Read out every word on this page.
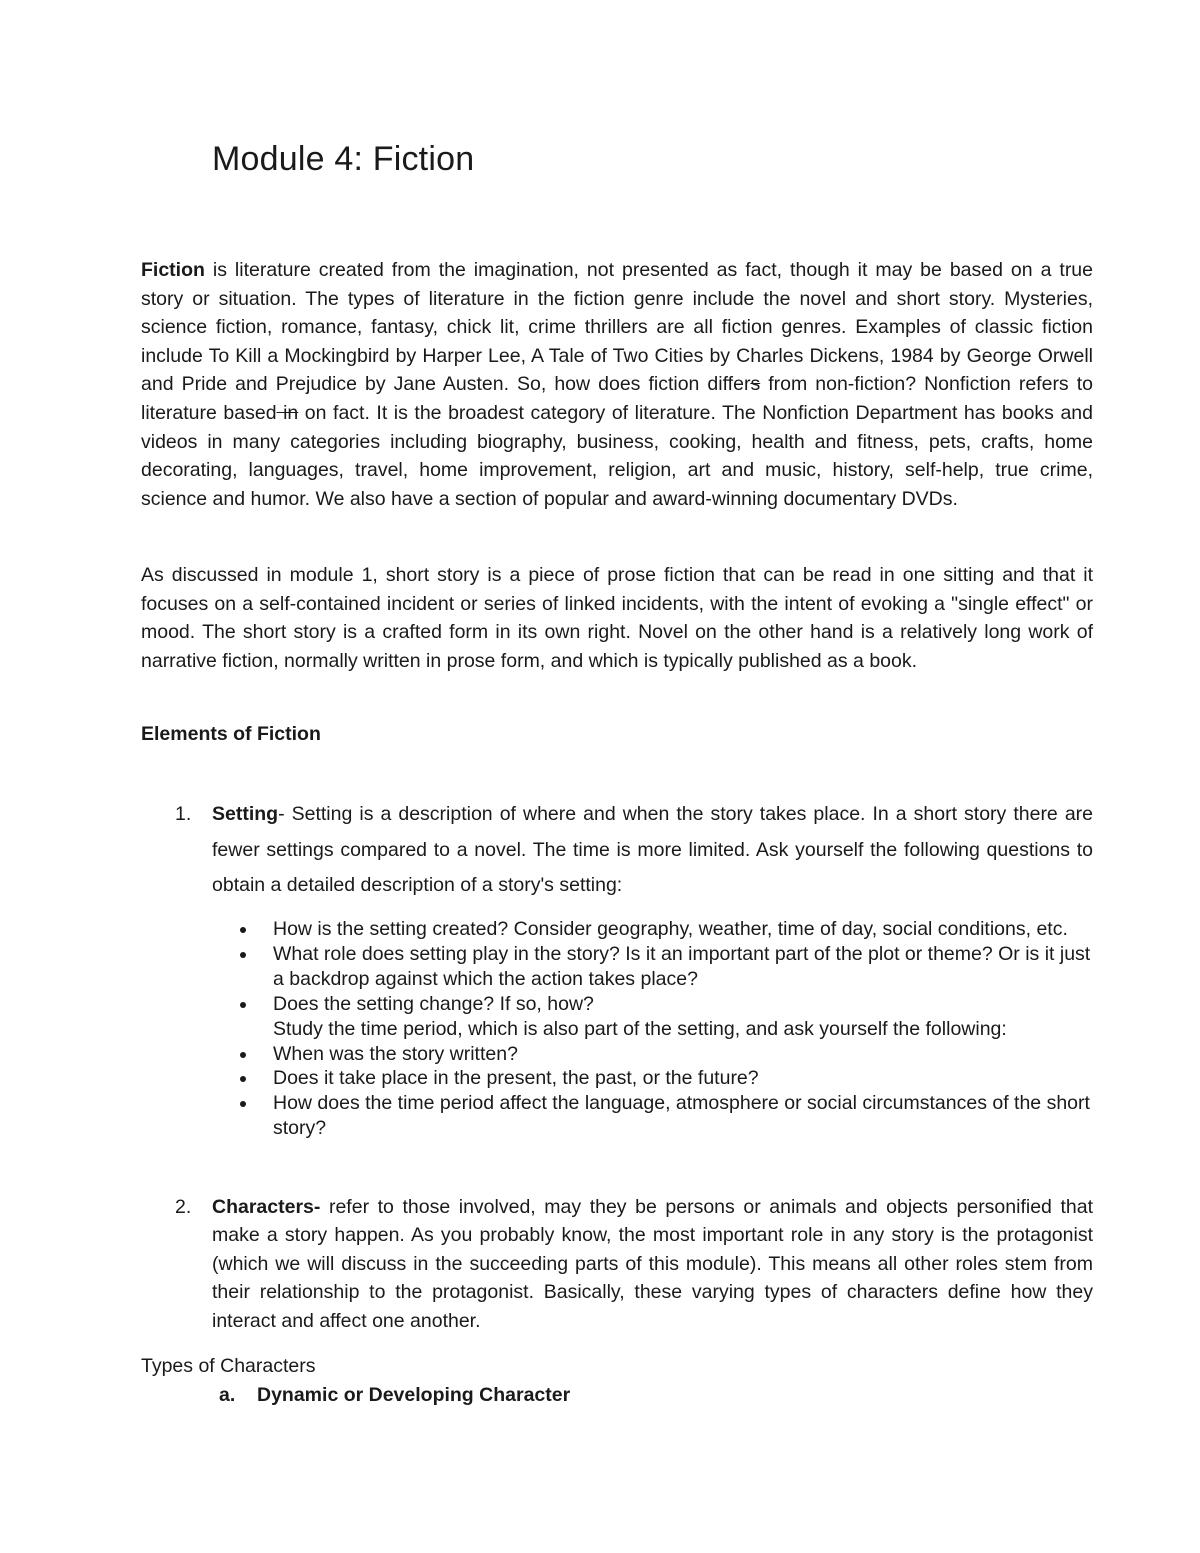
Module 4: Fiction

Fiction is literature created from the imagination, not presented as fact, though it may be based on a true story or situation. The types of literature in the fiction genre include the novel and short story. Mysteries, science fiction, romance, fantasy, chick lit, crime thrillers are all fiction genres. Examples of classic fiction include To Kill a Mockingbird by Harper Lee, A Tale of Two Cities by Charles Dickens, 1984 by George Orwell and Pride and Prejudice by Jane Austen. So, how does fiction differs from non-fiction? Nonfiction refers to literature based in on fact. It is the broadest category of literature. The Nonfiction Department has books and videos in many categories including biography, business, cooking, health and fitness, pets, crafts, home decorating, languages, travel, home improvement, religion, art and music, history, self-help, true crime, science and humor. We also have a section of popular and award-winning documentary DVDs.

As discussed in module 1, short story is a piece of prose fiction that can be read in one sitting and that it focuses on a self-contained incident or series of linked incidents, with the intent of evoking a "single effect" or mood. The short story is a crafted form in its own right. Novel on the other hand is a relatively long work of narrative fiction, normally written in prose form, and which is typically published as a book.

Elements of Fiction
1. Setting- Setting is a description of where and when the story takes place. In a short story there are fewer settings compared to a novel. The time is more limited. Ask yourself the following questions to obtain a detailed description of a story's setting:
How is the setting created? Consider geography, weather, time of day, social conditions, etc.
What role does setting play in the story? Is it an important part of the plot or theme? Or is it just a backdrop against which the action takes place?
Does the setting change? If so, how?
Study the time period, which is also part of the setting, and ask yourself the following:
When was the story written?
Does it take place in the present, the past, or the future?
How does the time period affect the language, atmosphere or social circumstances of the short story?
2. Characters- refer to those involved, may they be persons or animals and objects personified that make a story happen. As you probably know, the most important role in any story is the protagonist (which we will discuss in the succeeding parts of this module). This means all other roles stem from their relationship to the protagonist. Basically, these varying types of characters define how they interact and affect one another.

Types of Characters

a. Dynamic or Developing Character
